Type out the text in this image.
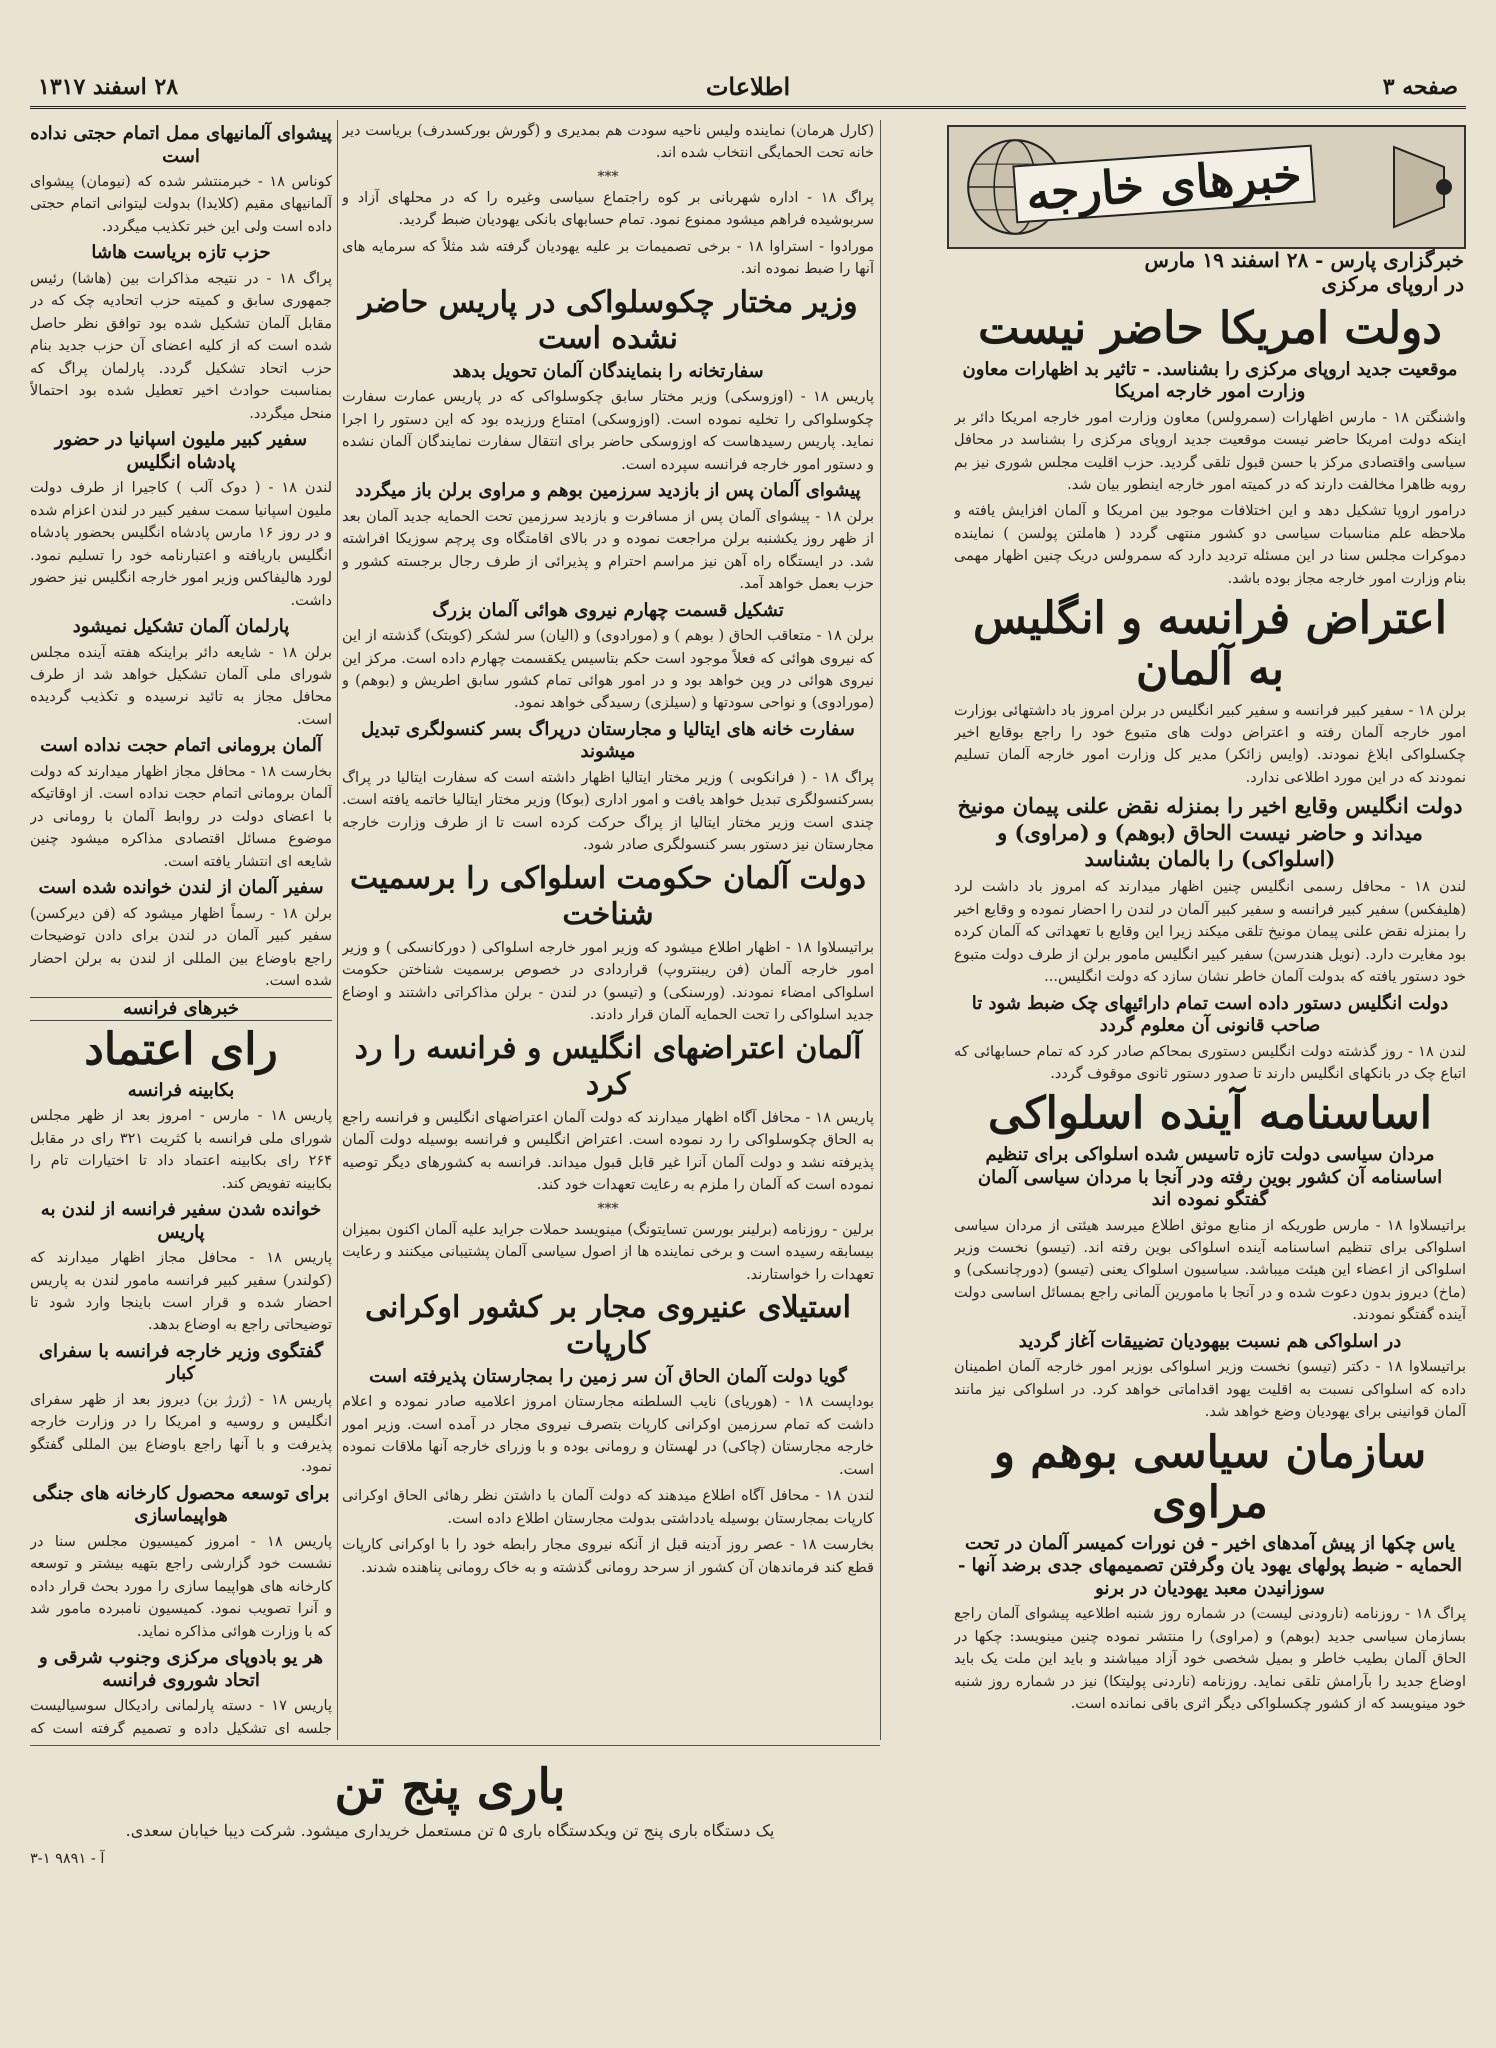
صفحه ۳
اطلاعات
۲۸ اسفند ۱۳۱۷
خبرهای خارجه
خبرگزاری پارس - ۲۸ اسفند ۱۹ مارس
در اروپای مرکزی
دولت امریکا حاضر نیست
موقعیت جدید اروپای مرکزی را بشناسد. - تاثیر بد اظهارات معاون وزارت امور خارجه امریکا

واشنگتن ۱۸ - مارس اظهارات (سمرولس) معاون وزارت امور خارجه امریکا دائر بر اینکه دولت امریکا حاضر نیست موقعیت جدید اروپای مرکزی را بشناسد در محافل سیاسی واقتصادی مرکز با حسن قبول تلقی گردید. حزب اقلیت مجلس شوری نیز بم روبه ظاهرا مخالفت دارند که در کمیته امور خارجه اینطور بیان شد.

درامور اروپا تشکیل دهد و این اختلافات موجود بین امریکا و آلمان افزایش یافته و ملاحظه علم مناسبات سیاسی دو کشور منتهی گردد ( هاملتن پولسن ) نماینده دموکرات مجلس سنا در این مسئله تردید دارد که سمرولس دریک چنین اظهار مهمی بنام وزارت امور خارجه مجاز بوده باشد.

اعتراض فرانسه و انگلیس به آلمان

برلن ۱۸ - سفیر کبیر فرانسه و سفیر کبیر انگلیس در برلن امروز باد داشتهائی بوزارت امور خارجه آلمان رفته و اعتراض دولت های متبوع خود را راجع بوقایع اخیر چکسلواکی ابلاغ نمودند. (وایس زائکر) مدیر کل وزارت امور خارجه آلمان تسلیم نمودند که در این مورد اطلاعی ندارد.

دولت انگلیس وقایع اخیر را بمنزله نقض علنی پیمان مونیخ میداند و حاضر نیست الحاق (بوهم) و (مراوی) و (اسلواکی) را بالمان بشناسد

لندن ۱۸ - محافل رسمی انگلیس چنین اظهار میدارند که امروز باد داشت لرد (هلیفکس) سفیر کبیر فرانسه و سفیر کبیر آلمان در لندن را احضار نموده و وقایع اخیر را بمنزله نقض علنی پیمان مونیخ تلقی میکند زیرا این وقایع با تعهداتی که آلمان کرده بود مغایرت دارد. (نویل هندرسن) سفیر کبیر انگلیس مامور برلن از طرف دولت متبوع خود دستور یافته که بدولت آلمان خاطر نشان سازد که دولت انگلیس...

دولت انگلیس دستور داده است تمام دارائیهای چک ضبط شود تا صاحب قانونی آن معلوم گردد

لندن ۱۸ - روز گذشته دولت انگلیس دستوری بمحاکم صادر کرد که تمام حسابهائی که اتباع چک در بانکهای انگلیس دارند تا صدور دستور ثانوی موقوف گردد.

اساسنامه آینده اسلواکی
مردان سیاسی دولت تازه تاسیس شده اسلواکی برای تنظیم اساسنامه آن کشور بوین رفته ودر آنجا با مردان سیاسی آلمان گفتگو نموده اند

براتیسلاوا ۱۸ - مارس طوریکه از منابع موثق اطلاع میرسد هیئتی از مردان سیاسی اسلواکی برای تنظیم اساسنامه آینده اسلواکی بوین رفته اند. (تیسو) نخست وزیر اسلواکی از اعضاء این هیئت میباشد. سیاسیون اسلواک یعنی (تیسو) (دورچانسکی) و (ماخ) دیروز بدون دعوت شده و در آنجا با مامورین آلمانی راجع بمسائل اساسی دولت آینده گفتگو نمودند.

در اسلواکی هم نسبت بیهودیان تضییقات آغاز گردید

براتیسلاوا ۱۸ - دکتر (تیسو) نخست وزیر اسلواکی بوزیر امور خارجه آلمان اطمینان داده که اسلواکی نسبت به اقلیت یهود اقداماتی خواهد کرد. در اسلواکی نیز مانند آلمان قوانینی برای یهودیان وضع خواهد شد.

سازمان سیاسی بوهم و مراوی
یاس چکها از پیش آمدهای اخیر - فن نورات کمیسر آلمان در تحت الحمایه - ضبط پولهای یهود یان وگرفتن تصمیمهای جدی برضد آنها - سوزانیدن معبد یهودیان در برنو

پراگ ۱۸ - روزنامه (نارودنی لیست) در شماره روز شنبه اطلاعیه پیشوای آلمان راجع بسازمان سیاسی جدید (بوهم) و (مراوی) را منتشر نموده چنین مینویسد: چکها در الحاق آلمان بطیب خاطر و بمیل شخصی خود آزاد میباشند و باید این ملت یک باید اوضاع جدید را بآرامش تلقی نماید. روزنامه (ناردنی پولیتکا) نیز در شماره روز شنبه خود مینویسد که از کشور چکسلواکی دیگر اثری باقی نمانده است.

(کارل هرمان) نماینده ولیس ناحیه سودت هم بمدیری و (گورش بورکسدرف) بریاست دیر خانه تحت الحمایگی انتخاب شده اند.

***

پراگ ۱۸ - اداره شهربانی بر کوه راجتماع سیاسی وغیره را که در محلهای آزاد و سربوشیده فراهم میشود ممنوع نمود. تمام حسابهای بانکی یهودیان ضبط گردید.

مورادوا - استراوا ۱۸ - برخی تصمیمات بر علیه یهودیان گرفته شد مثلاً که سرمایه های آنها را ضبط نموده اند.

وزیر مختار چکوسلواکی در پاریس حاضر نشده است
سفارتخانه را بنمایندگان آلمان تحویل بدهد

پاریس ۱۸ - (اوزوسکی) وزیر مختار سابق چکوسلواکی که در پاریس عمارت سفارت چکوسلواکی را تخلیه نموده است. (اوزوسکی) امتناع ورزیده بود که این دستور را اجرا نماید. پاریس رسیدهاست که اوزوسکی حاضر برای انتقال سفارت نمایندگان آلمان نشده و دستور امور خارجه فرانسه سپرده است.

پیشوای آلمان پس از بازدید سرزمین بوهم و مراوی برلن باز میگردد

برلن ۱۸ - پیشوای آلمان پس از مسافرت و بازدید سرزمین تحت الحمایه جدید آلمان بعد از ظهر روز یکشنبه برلن مراجعت نموده و در بالای اقامتگاه وی پرچم سوزیکا افراشته شد. در ایستگاه راه آهن نیز مراسم احترام و پذیرائی از طرف رجال برجسته کشور و حزب بعمل خواهد آمد.

تشکیل قسمت چهارم نیروی هوائی آلمان بزرگ

برلن ۱۸ - متعاقب الحاق ( بوهم ) و (مورادوی) و (الیان) سر لشکر (کوبتک) گذشته از این که نیروی هوائی که فعلاً موجود است حکم بتاسیس یکقسمت چهارم داده است. مرکز این نیروی هوائی در وین خواهد بود و در امور هوائی تمام کشور سابق اطریش و (بوهم) و (مورادوی) و نواحی سودتها و (سیلزی) رسیدگی خواهد نمود.

سفارت خانه های ایتالیا و مجارستان درپراگ بسر کنسولگری تبدیل میشوند

پراگ ۱۸ - ( فرانکوبی ) وزیر مختار ایتالیا اظهار داشته است که سفارت ایتالیا در پراگ بسرکنسولگری تبدیل خواهد یافت و امور اداری (بوکا) وزیر مختار ایتالیا خاتمه یافته است. چندی است وزیر مختار ایتالیا از پراگ حرکت کرده است تا از طرف وزارت خارجه مجارستان نیز دستور بسر کنسولگری صادر شود.

دولت آلمان حکومت اسلواکی را برسمیت شناخت

براتیسلاوا ۱۸ - اظهار اطلاع میشود که وزیر امور خارجه اسلواکی ( دورکانسکی ) و وزیر امور خارجه آلمان (فن ریبنتروپ) قراردادی در خصوص برسمیت شناختن حکومت اسلواکی امضاء نمودند. (ورسنکی) و (تیسو) در لندن - برلن مذاکراتی داشتند و اوضاع جدید اسلواکی را تحت الحمایه آلمان قرار دادند.

آلمان اعتراضهای انگلیس و فرانسه را رد کرد

پاریس ۱۸ - محافل آگاه اظهار میدارند که دولت آلمان اعتراضهای انگلیس و فرانسه راجع به الحاق چکوسلواکی را رد نموده است. اعتراض انگلیس و فرانسه بوسیله دولت آلمان پذیرفته نشد و دولت آلمان آنرا غیر قابل قبول میداند. فرانسه به کشورهای دیگر توصیه نموده است که آلمان را ملزم به رعایت تعهدات خود کند.

***

برلین - روزنامه (برلینر بورسن تسایتونگ) مینویسد حملات جراید علیه آلمان اکنون بمیزان بیسابقه رسیده است و برخی نماینده ها از اصول سیاسی آلمان پشتیبانی میکنند و رعایت تعهدات را خواستارند.

استیلای عنیروی مجار بر کشور اوکرانی کارپات
گویا دولت آلمان الحاق آن سر زمین را بمجارستان پذیرفته است

بوداپست ۱۸ - (هوریای) نایب السلطنه مجارستان امروز اعلامیه صادر نموده و اعلام داشت که تمام سرزمین اوکرانی کارپات بتصرف نیروی مجار در آمده است. وزیر امور خارجه مجارستان (چاکی) در لهستان و رومانی بوده و با وزرای خارجه آنها ملاقات نموده است.

لندن ۱۸ - محافل آگاه اطلاع میدهند که دولت آلمان با داشتن نظر رهائی الحاق اوکرانی کارپات بمجارستان بوسیله یادداشتی بدولت مجارستان اطلاع داده است.

بخارست ۱۸ - عصر روز آدینه قبل از آنکه نیروی مجار رابطه خود را با اوکرانی کارپات قطع کند فرماندهان آن کشور از سرحد رومانی گذشته و به خاک رومانی پناهنده شدند.

پیشوای آلمانیهای ممل اتمام حجتی نداده است

کوناس ۱۸ - خبرمنتشر شده که (نیومان) پیشوای آلمانیهای مقیم (کلایدا) بدولت لیتوانی اتمام حجتی داده است ولی این خبر تکذیب میگردد.

حزب تازه بریاست هاشا

پراگ ۱۸ - در نتیجه مذاکرات بین (هاشا) رئیس جمهوری سابق و کمیته حزب اتحادیه چک که در مقابل آلمان تشکیل شده بود توافق نظر حاصل شده است که از کلیه اعضای آن حزب جدید بنام حزب اتحاد تشکیل گردد. پارلمان پراگ که بمناسبت حوادث اخیر تعطیل شده بود احتمالاً منحل میگردد.

سفیر کبیر ملیون اسپانیا در حضور پادشاه انگلیس

لندن ۱۸ - ( دوک آلب ) کاجیرا از طرف دولت ملیون اسپانیا سمت سفیر کبیر در لندن اعزام شده و در روز ۱۶ مارس پادشاه انگلیس بحضور پادشاه انگلیس باریافته و اعتبارنامه خود را تسلیم نمود. لورد هالیفاکس وزیر امور خارجه انگلیس نیز حضور داشت.

پارلمان آلمان تشکیل نمیشود

برلن ۱۸ - شایعه دائر براینکه هفته آینده مجلس شورای ملی آلمان تشکیل خواهد شد از طرف محافل مجاز به تائید نرسیده و تکذیب گردیده است.

آلمان برومانی اتمام حجت نداده است

بخارست ۱۸ - محافل مجاز اظهار میدارند که دولت آلمان برومانی اتمام حجت نداده است. از اوقاتیکه با اعضای دولت در روابط آلمان با رومانی در موضوع مسائل اقتصادی مذاکره میشود چنین شایعه ای انتشار یافته است.

سفیر آلمان از لندن خوانده شده است

برلن ۱۸ - رسماً اظهار میشود که (فن دیرکسن) سفیر کبیر آلمان در لندن برای دادن توضیحات راجع باوضاع بین المللی از لندن به برلن احضار شده است.

خبرهای فرانسه
رای اعتماد
بکابینه فرانسه

پاریس ۱۸ - مارس - امروز بعد از ظهر مجلس شورای ملی فرانسه با کثریت ۳۲۱ رای در مقابل ۲۶۴ رای بکابینه اعتماد داد تا اختیارات تام را بکابینه تفویض کند.

خوانده شدن سفیر فرانسه از لندن به پاریس

پاریس ۱۸ - محافل مجاز اظهار میدارند که (کولندر) سفیر کبیر فرانسه مامور لندن به پاریس احضار شده و قرار است باینجا وارد شود تا توضیحاتی راجع به اوضاع بدهد.

گفتگوی وزیر خارجه فرانسه با سفرای کبار

پاریس ۱۸ - (ژرژ بن) دیروز بعد از ظهر سفرای انگلیس و روسیه و امریکا را در وزارت خارجه پذیرفت و با آنها راجع باوضاع بین المللی گفتگو نمود.

برای توسعه محصول کارخانه های جنگی هواپیماسازی

پاریس ۱۸ - امروز کمیسیون مجلس سنا در نشست خود گزارشی راجع بتهیه بیشتر و توسعه کارخانه های هواپیما سازی را مورد بحث قرار داده و آنرا تصویب نمود. کمیسیون نامبرده مامور شد که با وزارت هوائی مذاکره نماید.

هر یو بادوپای مرکزی وجنوب شرقی و اتحاد شوروی فرانسه

پاریس ۱۷ - دسته پارلمانی رادیکال سوسیالیست جلسه ای تشکیل داده و تصمیم گرفته است که

باری پنج تن

یک دستگاه باری پنج تن ویکدستگاه باری ۵ تن مستعمل خریداری میشود. شرکت دیبا خیابان سعدی.

آ - ۹۸۹۱ ۱-۳
